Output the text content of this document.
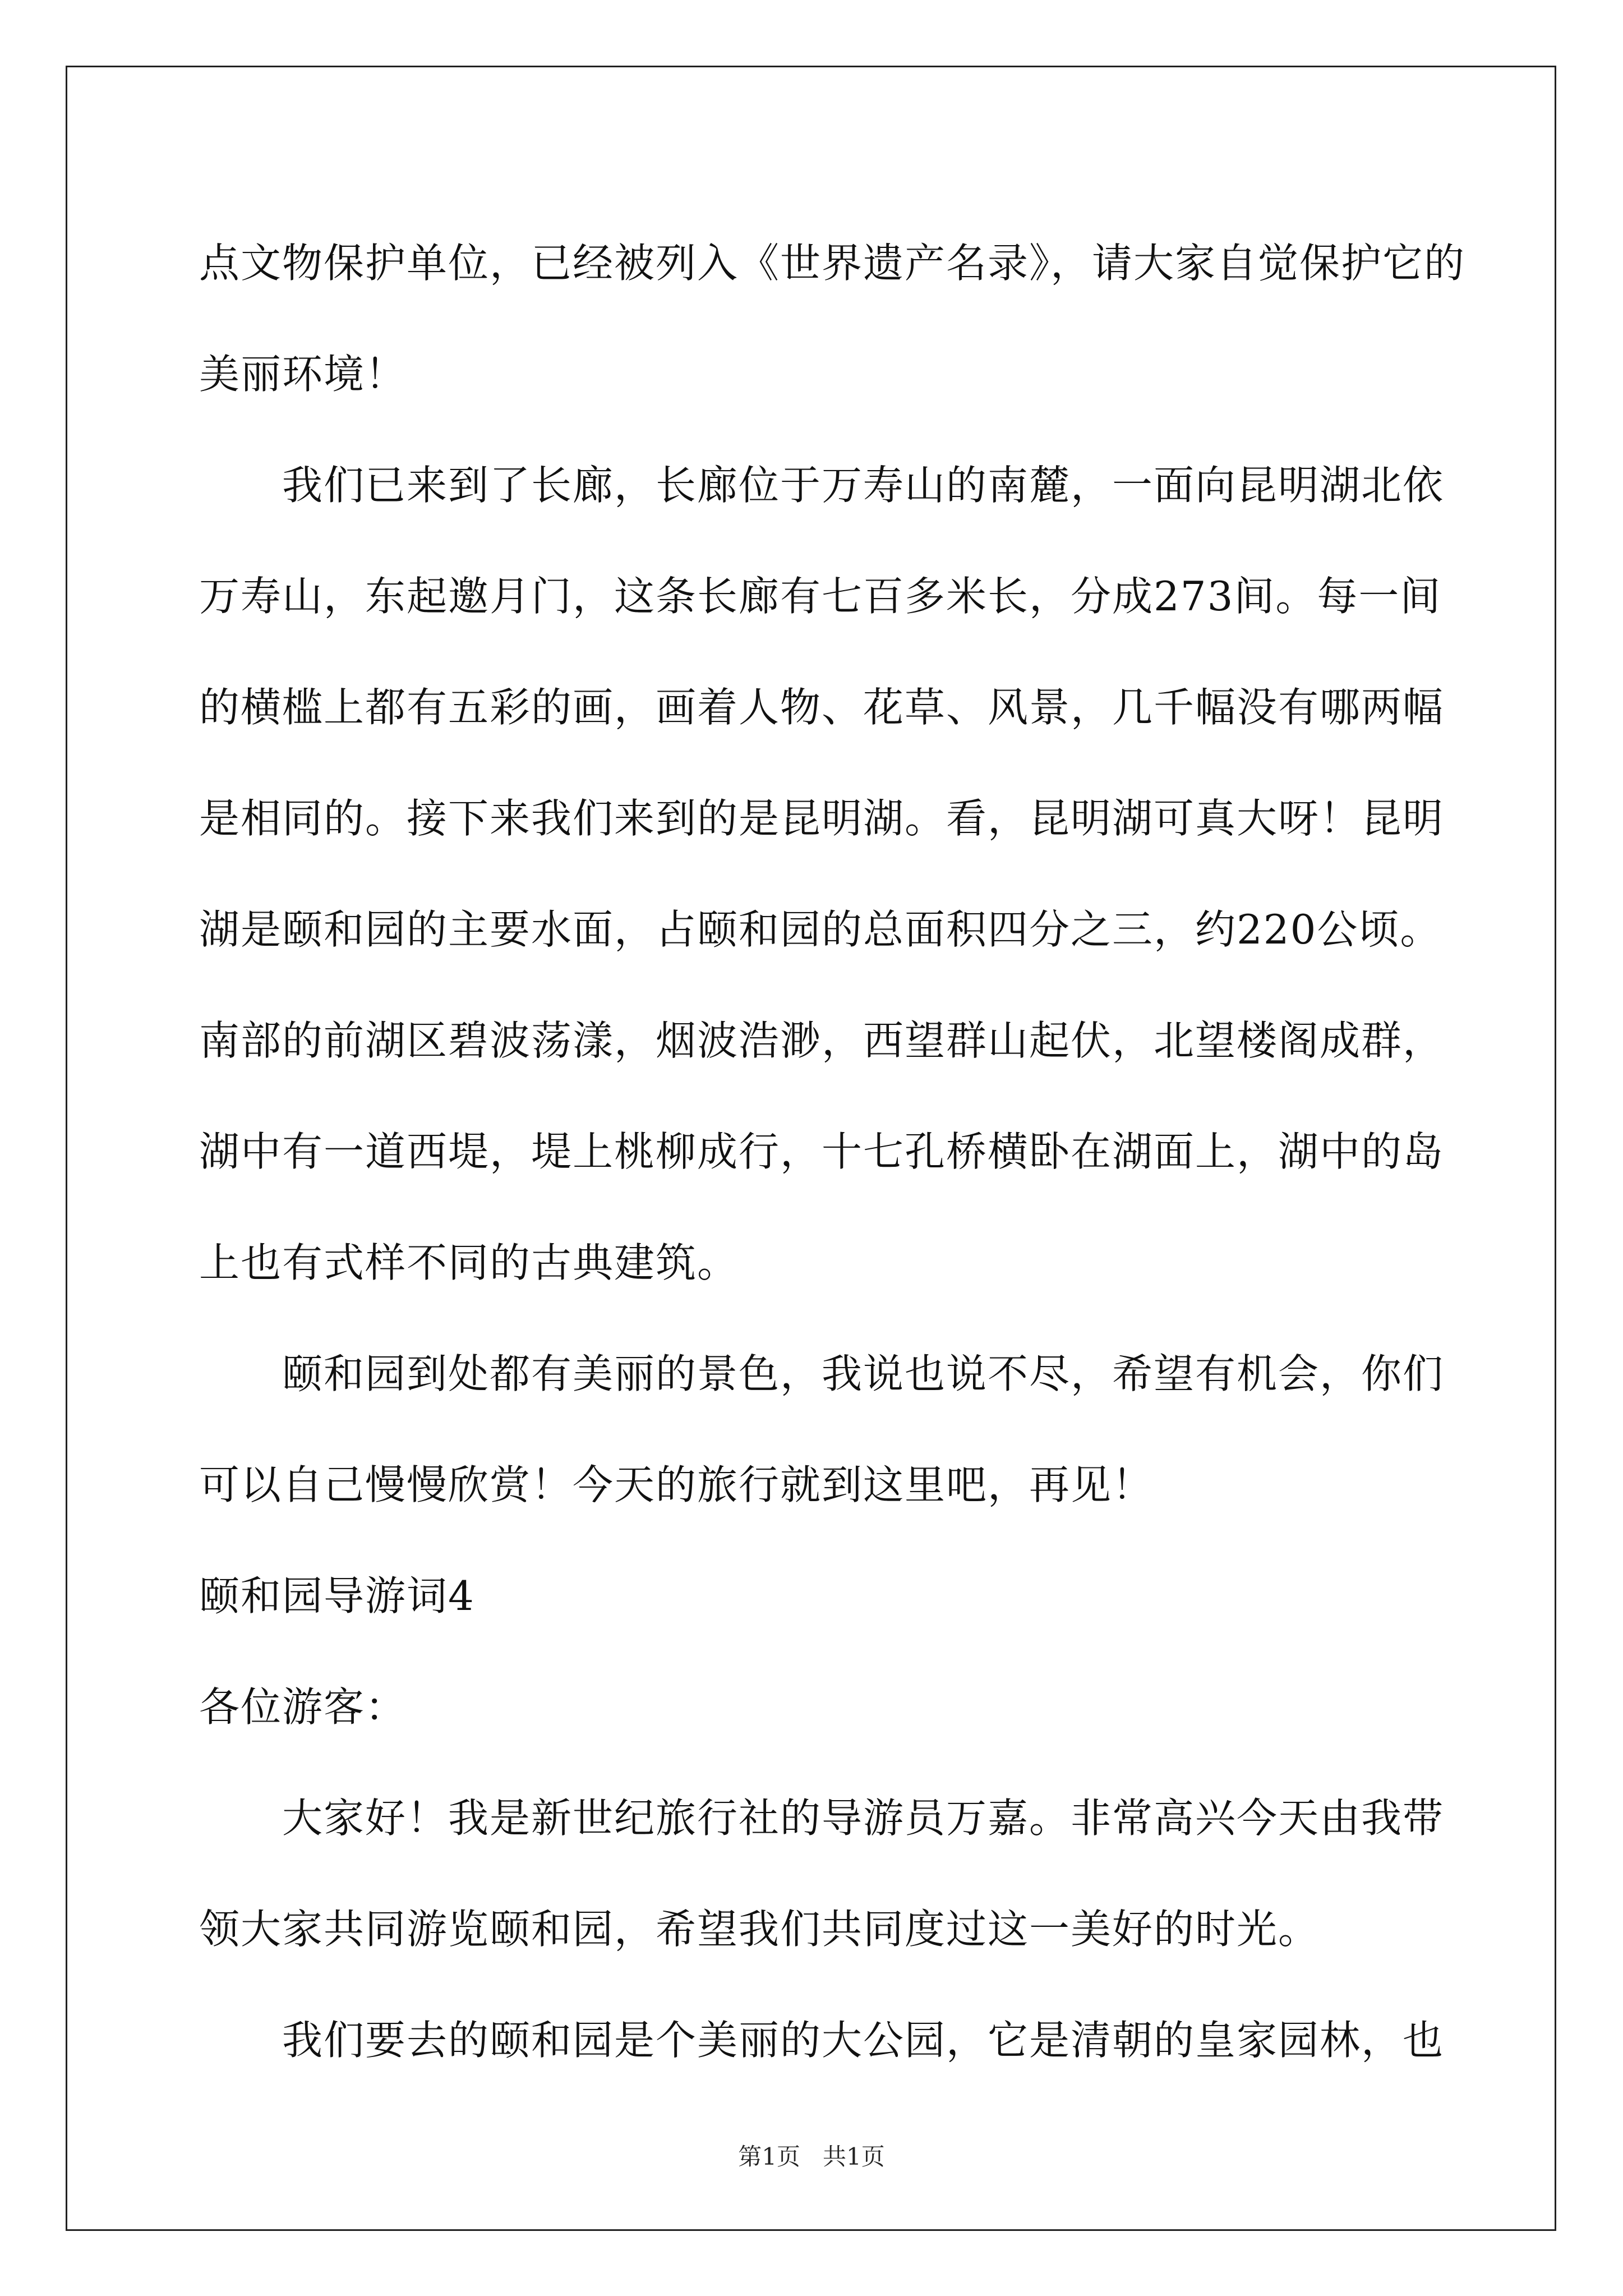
点文物保护单位，已经被列入《世界遗产名录》，请大家自觉保护它的
美丽环境！
我们已来到了长廊，长廊位于万寿山的南麓，一面向昆明湖北依
万寿山，东起邀月门，这条长廊有七百多米长，分成273间。每一间
的横槛上都有五彩的画，画着人物、花草、风景，几千幅没有哪两幅
是相同的。接下来我们来到的是昆明湖。看，昆明湖可真大呀！昆明
湖是颐和园的主要水面，占颐和园的总面积四分之三，约220公顷。
南部的前湖区碧波荡漾，烟波浩渺，西望群山起伏，北望楼阁成群，
湖中有一道西堤，堤上桃柳成行，十七孔桥横卧在湖面上，湖中的岛
上也有式样不同的古典建筑。
颐和园到处都有美丽的景色，我说也说不尽，希望有机会，你们
可以自己慢慢欣赏！今天的旅行就到这里吧，再见！
颐和园导游词4
各位游客：
大家好！我是新世纪旅行社的导游员万嘉。非常高兴今天由我带
领大家共同游览颐和园，希望我们共同度过这一美好的时光。
我们要去的颐和园是个美丽的大公园，它是清朝的皇家园林，也
第1页   共1页
